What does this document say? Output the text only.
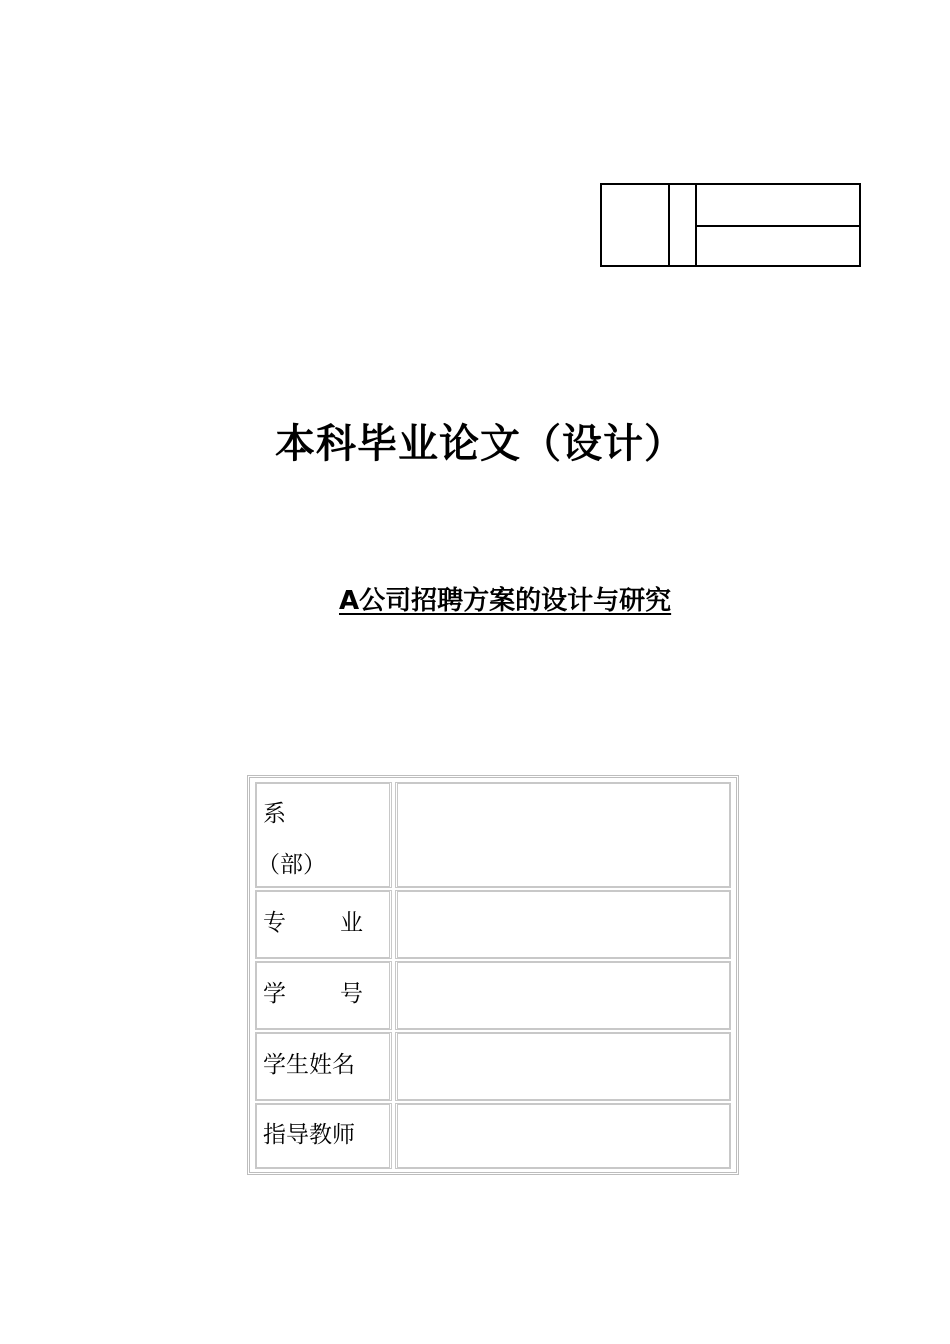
本科毕业论文（设计）
A公司招聘方案的设计与研究
系
（部）
专 业
学 号
学生姓名
指导教师
